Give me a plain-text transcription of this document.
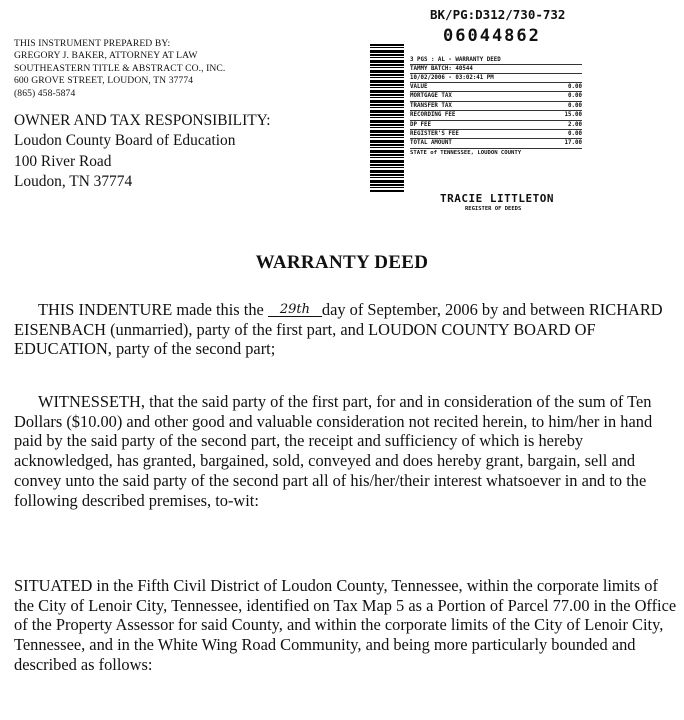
THIS INSTRUMENT PREPARED BY:
GREGORY J. BAKER, ATTORNEY AT LAW
SOUTHEASTERN TITLE & ABSTRACT CO., INC.
600 GROVE STREET, LOUDON, TN 37774
(865) 458-5874
OWNER AND TAX RESPONSIBILITY:
Loudon County Board of Education
100 River Road
Loudon, TN 37774
BK/PG:D312/730-732
06044862
3 PGS : AL - WARRANTY DEED
TAMMY BATCH: 40544
10/02/2006 - 03:02:41 PM
VALUE	0.00
MORTGAGE TAX	0.00
TRANSFER TAX	0.00
RECORDING FEE	15.00
DP FEE	2.00
REGISTER'S FEE	0.00
TOTAL AMOUNT	17.00
STATE of TENNESSEE, LOUDON COUNTY
TRACIE LITTLETON
REGISTER OF DEEDS
WARRANTY DEED

THIS INDENTURE made this the 29th day of September, 2006 by and between RICHARD EISENBACH (unmarried), party of the first part, and LOUDON COUNTY BOARD OF EDUCATION, party of the second part;

WITNESSETH, that the said party of the first part, for and in consideration of the sum of Ten Dollars ($10.00) and other good and valuable consideration not recited herein, to him/her in hand paid by the said party of the second part, the receipt and sufficiency of which is hereby acknowledged, has granted, bargained, sold, conveyed and does hereby grant, bargain, sell and convey unto the said party of the second part all of his/her/their interest whatsoever in and to the following described premises, to-wit:

SITUATED in the Fifth Civil District of Loudon County, Tennessee, within the corporate limits of the City of Lenoir City, Tennessee, identified on Tax Map 5 as a Portion of Parcel 77.00 in the Office of the Property Assessor for said County, and within the corporate limits of the City of Lenoir City, Tennessee, and in the White Wing Road Community, and being more particularly bounded and described as follows:
